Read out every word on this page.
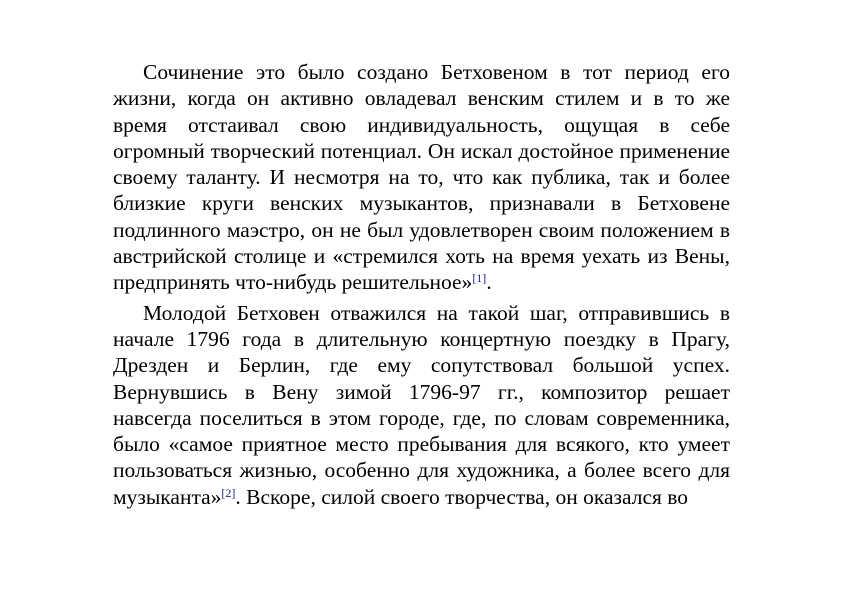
Сочинение это было создано Бетховеном в тот период его жизни, когда он активно овладевал венским стилем и в то же время отстаивал свою индивидуальность, ощущая в себе огромный творческий потенциал. Он искал достойное применение своему таланту. И несмотря на то, что как публика, так и более близкие круги венских музыкантов, признавали в Бетховене подлинного маэстро, он не был удовлетворен своим положением в австрийской столице и «стремился хоть на время уехать из Вены, предпринять что-нибудь решительное»[1].

Молодой Бетховен отважился на такой шаг, отправившись в начале 1796 года в длительную концертную поездку в Прагу, Дрезден и Берлин, где ему сопутствовал большой успех. Вернувшись в Вену зимой 1796-97 гг., композитор решает навсегда поселиться в этом городе, где, по словам современника, было «самое приятное место пребывания для всякого, кто умеет пользоваться жизнью, особенно для художника, а более всего для музыканта»[2]. Вскоре, силой своего творчества, он оказался во
